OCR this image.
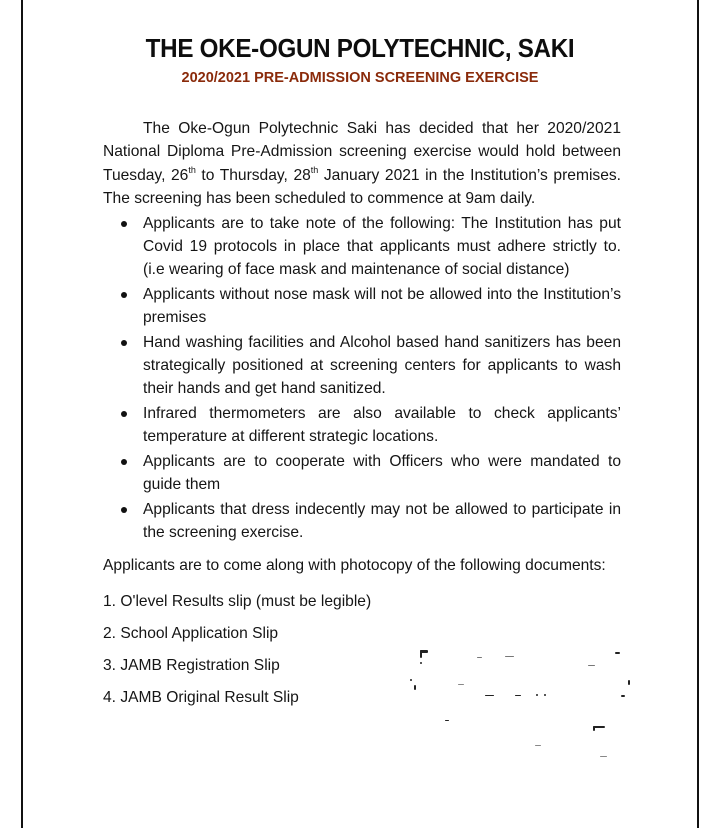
THE OKE-OGUN POLYTECHNIC, SAKI
2020/2021 PRE-ADMISSION SCREENING EXERCISE

The Oke-Ogun Polytechnic Saki has decided that her 2020/2021 National Diploma Pre-Admission screening exercise would hold between Tuesday, 26th to Thursday, 28th January 2021 in the Institution’s premises. The screening has been scheduled to commence at 9am daily.

Applicants are to take note of the following: The Institution has put Covid 19 protocols in place that applicants must adhere strictly to. (i.e wearing of face mask and maintenance of social distance)
Applicants without nose mask will not be allowed into the Institution’s premises
Hand washing facilities and Alcohol based hand sanitizers has been strategically positioned at screening centers for applicants to wash their hands and get hand sanitized.
Infrared thermometers are also available to check applicants’ temperature at different strategic locations.
Applicants are to cooperate with Officers who were mandated to guide them
Applicants that dress indecently may not be allowed to participate in the screening exercise.
Applicants are to come along with photocopy of the following documents:
1. O'level Results slip (must be legible)
2. School Application Slip
3. JAMB Registration Slip
4. JAMB Original Result Slip
